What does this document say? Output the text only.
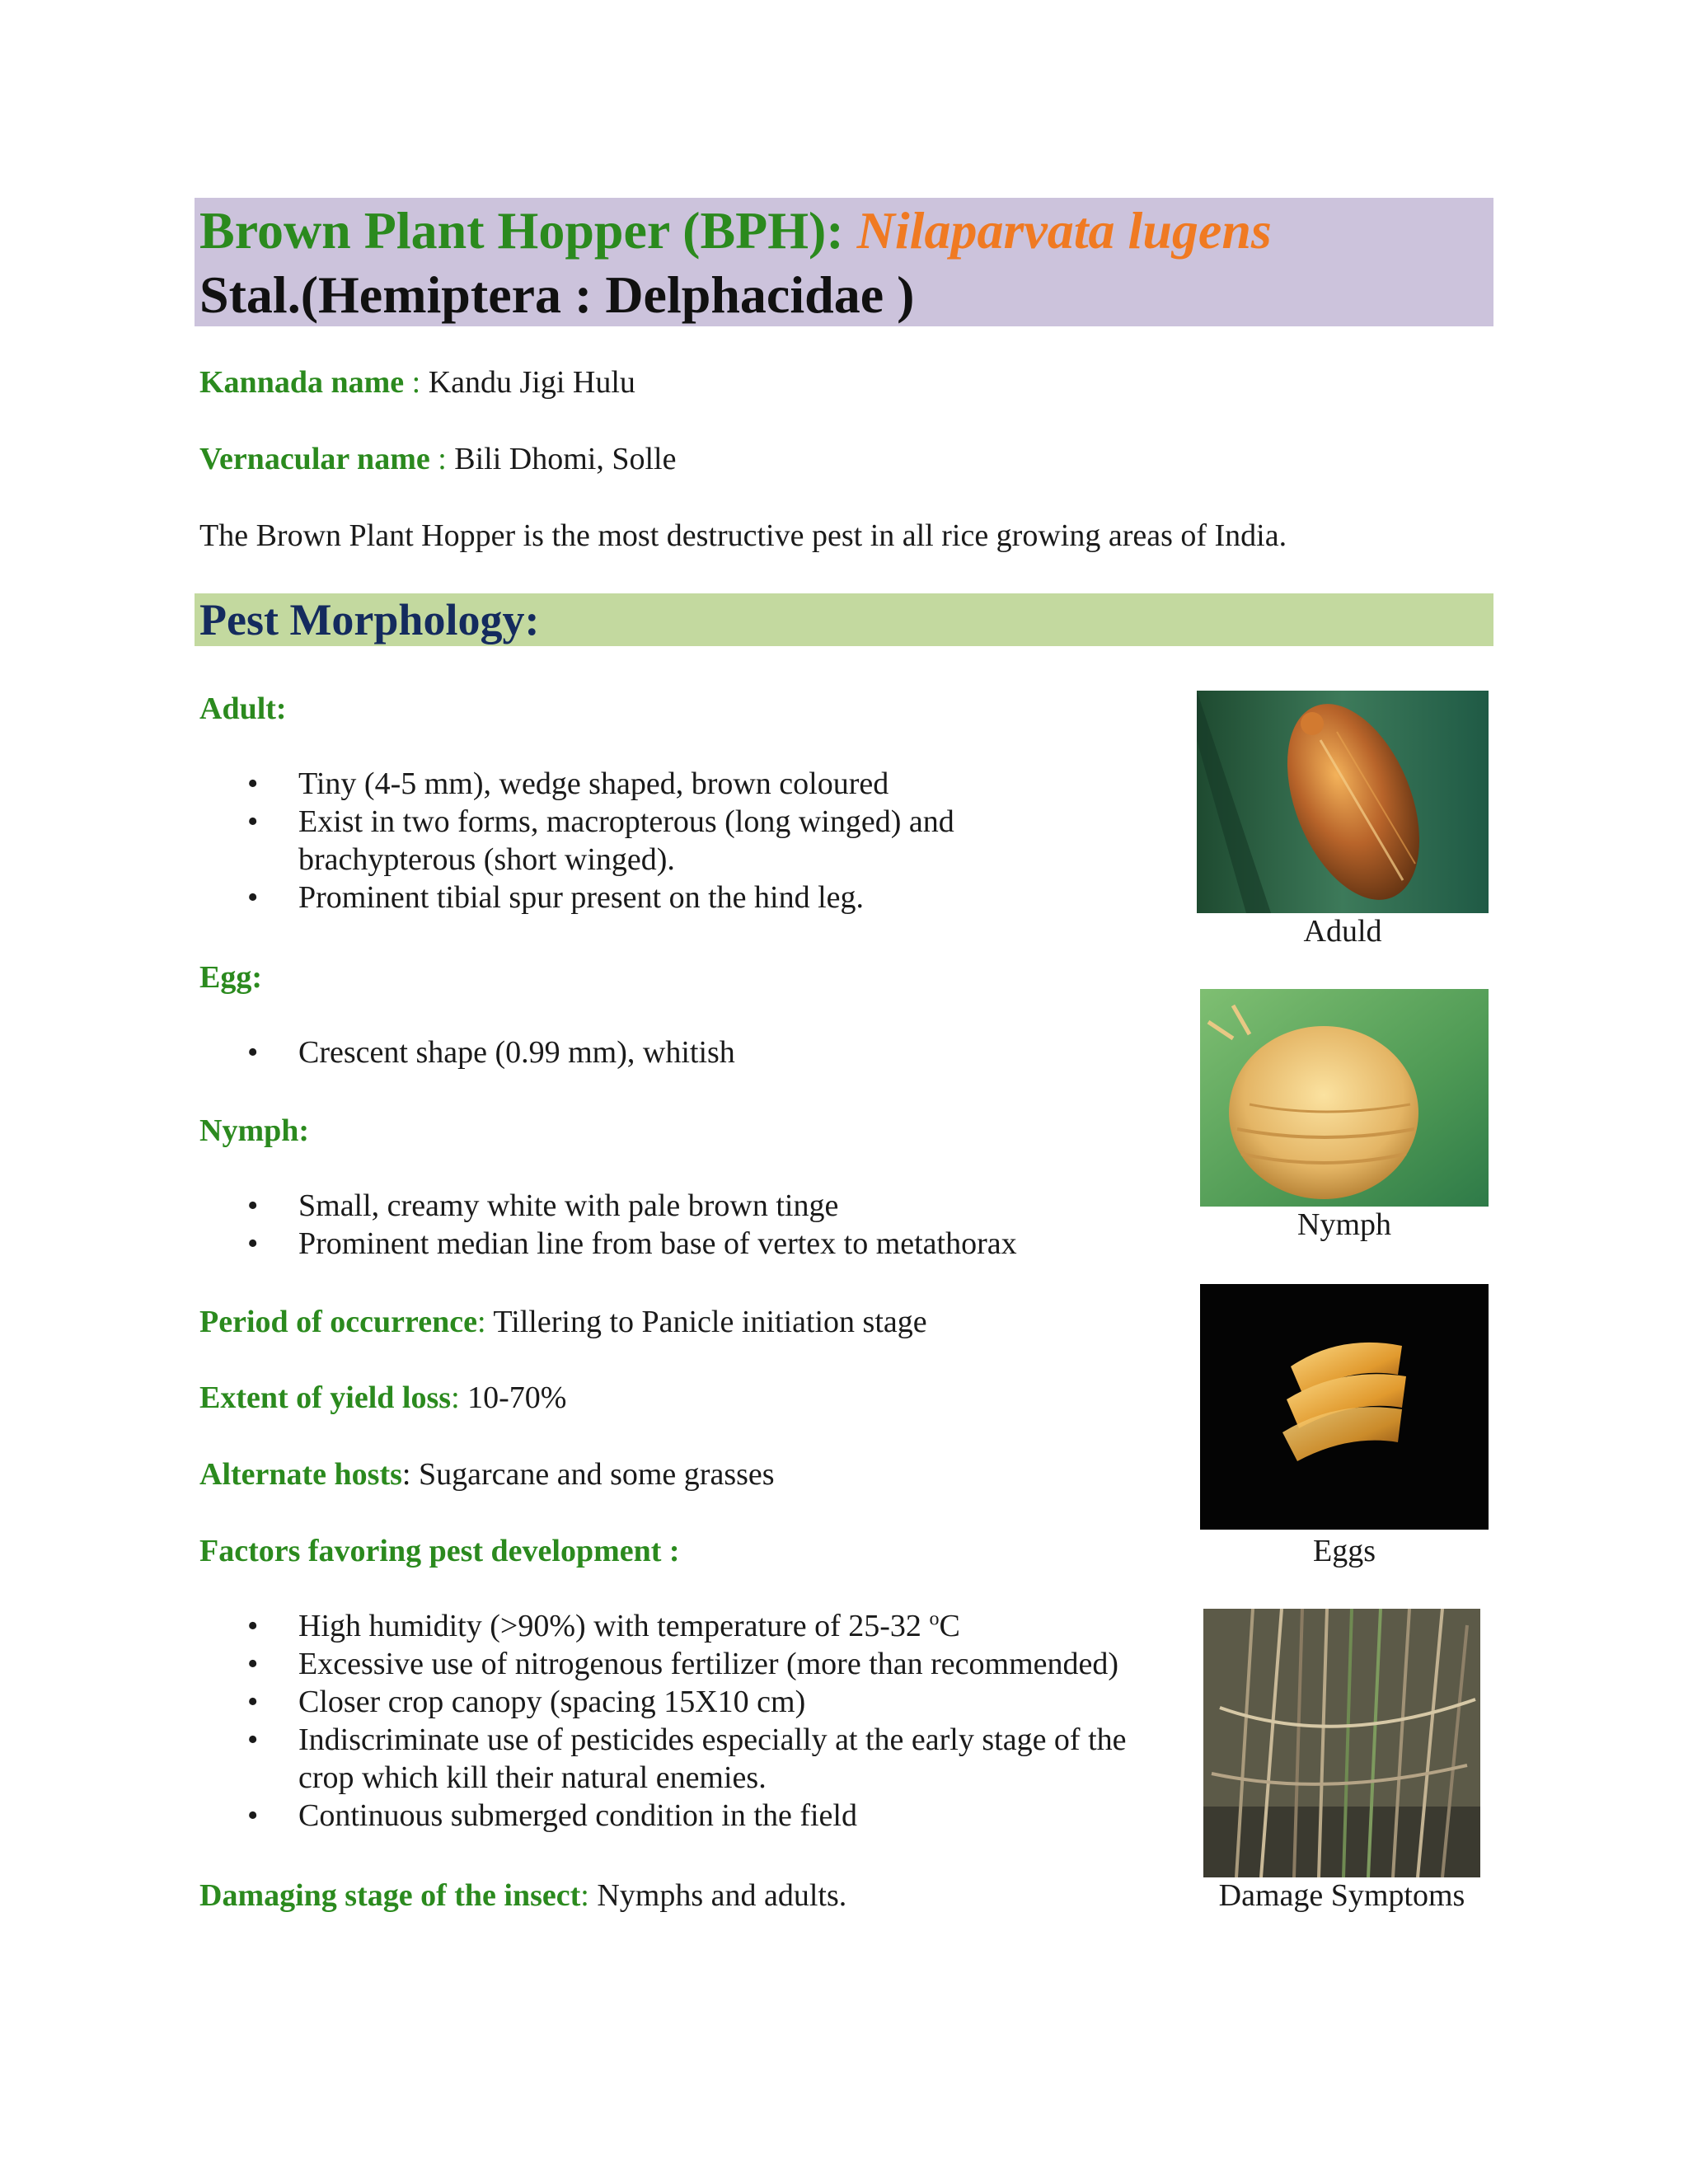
Brown Plant Hopper (BPH): Nilaparvata lugens
Stal.(Hemiptera : Delphacidae )
Kannada name : Kandu Jigi Hulu
Vernacular name : Bili Dhomi, Solle
The Brown Plant Hopper is the most destructive pest in all rice growing areas of India.
Pest Morphology:
Adult:
• Tiny (4-5 mm), wedge shaped, brown coloured
• Exist in two forms, macropterous (long winged) and
brachypterous (short winged).
• Prominent tibial spur present on the hind leg.
Egg:
• Crescent shape (0.99 mm), whitish
Nymph:
• Small, creamy white with pale brown tinge
• Prominent median line from base of vertex to metathorax
Period of occurrence: Tillering to Panicle initiation stage
Extent of yield loss: 10-70%
Alternate hosts: Sugarcane and some grasses
Factors favoring pest development :
• High humidity (>90%) with temperature of 25-32 $^o$C
• Excessive use of nitrogenous fertilizer (more than recommended)
• Closer crop canopy (spacing 15X10 cm)
• Indiscriminate use of pesticides especially at the early stage of the
crop which kill their natural enemies.
• Continuous submerged condition in the field
Damaging stage of the insect: Nymphs and adults.
Aduld
Nymph
Eggs
Damage Symptoms
